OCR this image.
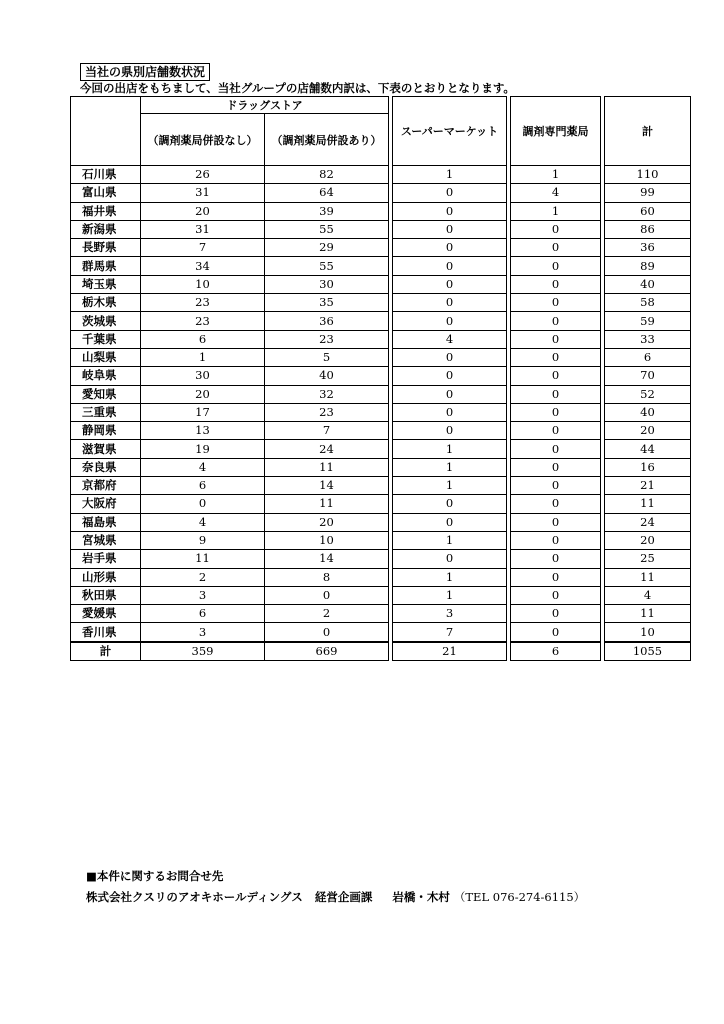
当社の県別店舗数状況
今回の出店をもちまして、当社グループの店舗数内訳は、下表のとおりとなります。
	ドラッグストア			スーパーマーケット		調剤専門薬局		計
	（調剤薬局併設なし）	（調剤薬局併設あり）						
石川県	26	82		1		1		110
富山県	31	64		0		4		99
福井県	20	39		0		1		60
新潟県	31	55		0		0		86
長野県	7	29		0		0		36
群馬県	34	55		0		0		89
埼玉県	10	30		0		0		40
栃木県	23	35		0		0		58
茨城県	23	36		0		0		59
千葉県	6	23		4		0		33
山梨県	1	5		0		0		6
岐阜県	30	40		0		0		70
愛知県	20	32		0		0		52
三重県	17	23		0		0		40
静岡県	13	7		0		0		20
滋賀県	19	24		1		0		44
奈良県	4	11		1		0		16
京都府	6	14		1		0		21
大阪府	0	11		0		0		11
福島県	4	20		0		0		24
宮城県	9	10		1		0		20
岩手県	11	14		0		0		25
山形県	2	8		1		0		11
秋田県	3	0		1		0		4
愛媛県	6	2		3		0		11
香川県	3	0		7		0		10
計	359	669		21		6		1055
■本件に関するお問合せ先
株式会社クスリのアオキホールディングス 経営企画課 岩橋・木村 （TEL 076-274-6115）
